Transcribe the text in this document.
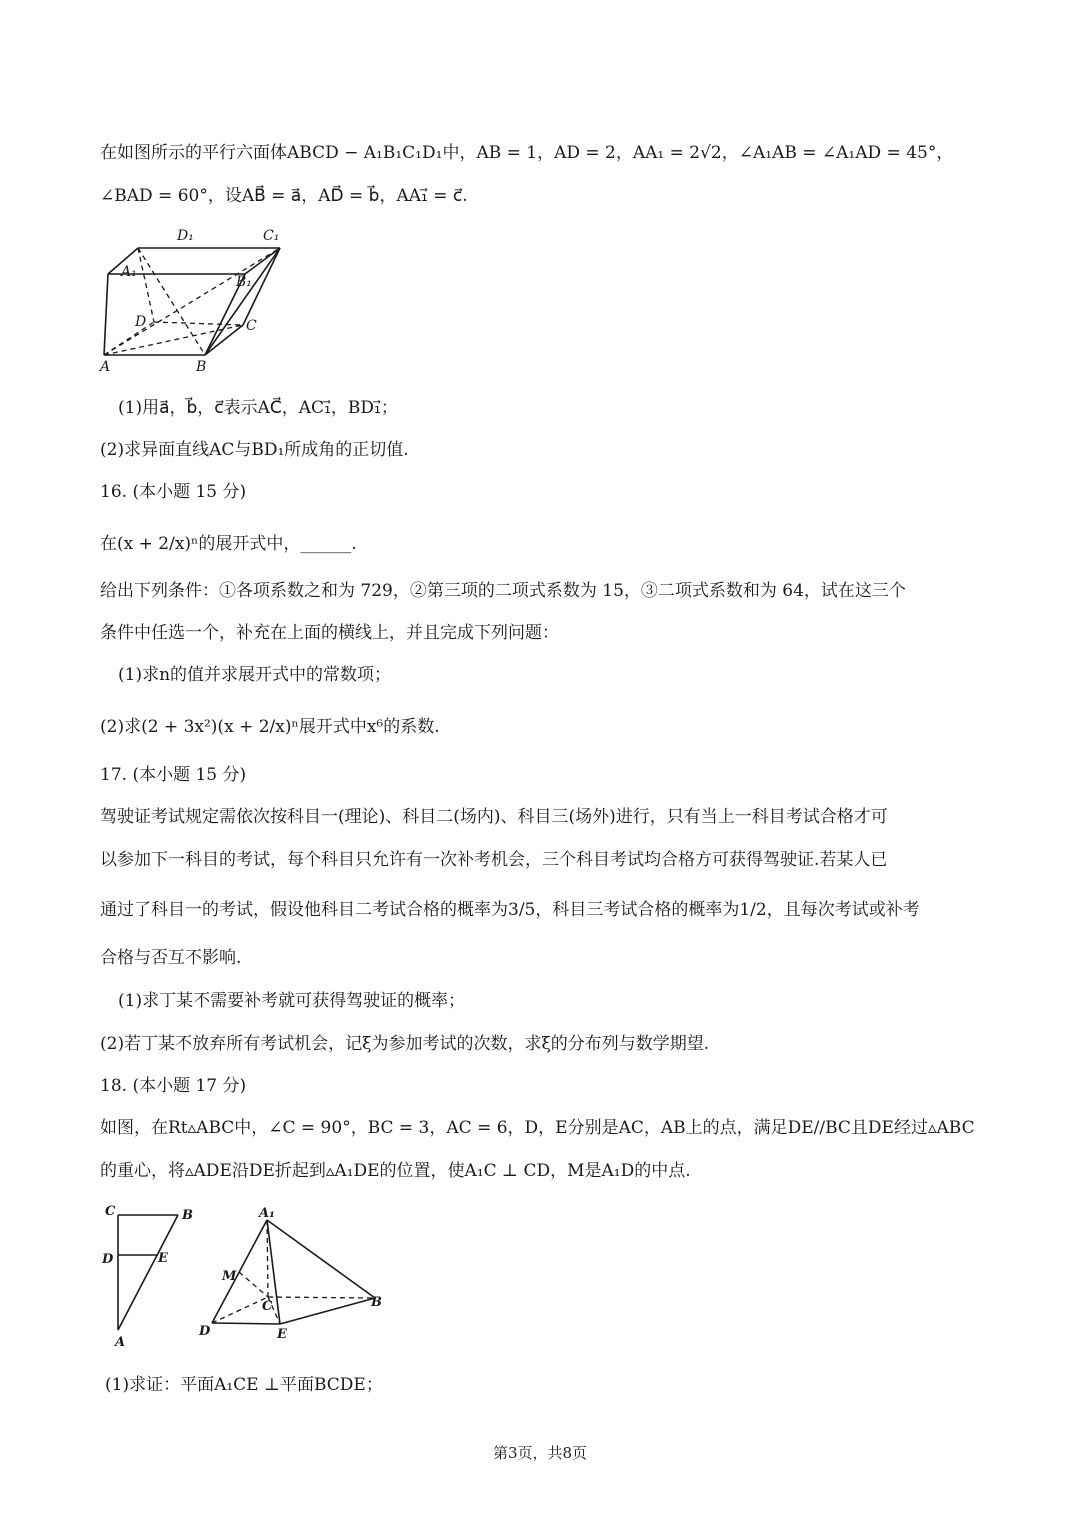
在如图所示的平行六面体ABCD − A₁B₁C₁D₁中，AB = 1，AD = 2，AA₁ = 2√2，∠A₁AB = ∠A₁AD = 45°，
∠BAD = 60°，设AB⃗ = a⃗，AD⃗ = b⃗，AA₁⃗ = c⃗.
D₁	C₁
A₁
B₁
D	C
A	B
(1)用a⃗，b⃗，c⃗表示AC⃗，AC₁⃗，BD₁⃗；
(2)求异面直线AC与BD₁所成角的正切值.
16. (本小题 15 分)
在(x + 2/x)ⁿ的展开式中，______.
给出下列条件：①各项系数之和为 729，②第三项的二项式系数为 15，③二项式系数和为 64，试在这三个
条件中任选一个，补充在上面的横线上，并且完成下列问题：
(1)求n的值并求展开式中的常数项；
(2)求(2 + 3x²)(x + 2/x)ⁿ展开式中x⁶的系数.
17. (本小题 15 分)
驾驶证考试规定需依次按科目一(理论)、科目二(场内)、科目三(场外)进行，只有当上一科目考试合格才可
以参加下一科目的考试，每个科目只允许有一次补考机会，三个科目考试均合格方可获得驾驶证.若某人已
通过了科目一的考试，假设他科目二考试合格的概率为3/5，科目三考试合格的概率为1/2，且每次考试或补考
合格与否互不影响.
(1)求丁某不需要补考就可获得驾驶证的概率；
(2)若丁某不放弃所有考试机会，记ξ为参加考试的次数，求ξ的分布列与数学期望.
18. (本小题 17 分)
如图，在Rt▵ABC中，∠C = 90°，BC = 3，AC = 6，D，E分别是AC，AB上的点，满足DE//BC且DE经过▵ABC
的重心，将▵ADE沿DE折起到▵A₁DE的位置，使A₁C ⊥ CD，M是A₁D的中点.
C	B
D	E
A
A₁
M
C	B
D	E
(1)求证：平面A₁CE ⊥平面BCDE；
第3页，共8页
